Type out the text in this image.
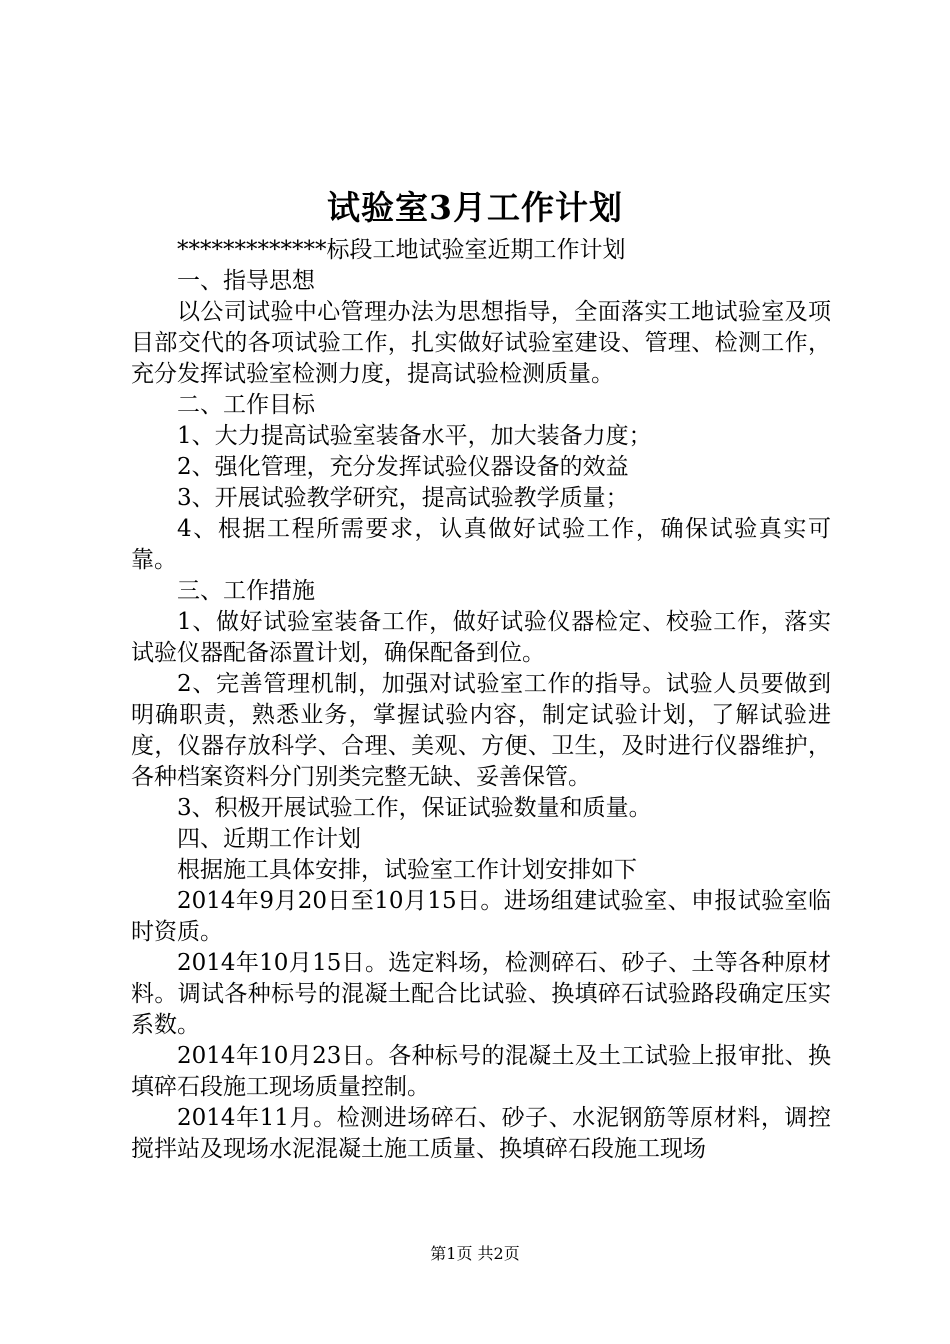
试验室3月工作计划

*************标段工地试验室近期工作计划

一、指导思想

以公司试验中心管理办法为思想指导，全面落实工地试验室及项目部交代的各项试验工作，扎实做好试验室建设、管理、检测工作，充分发挥试验室检测力度，提高试验检测质量。

二、工作目标

1、大力提高试验室装备水平，加大装备力度；

2、强化管理，充分发挥试验仪器设备的效益

3、开展试验教学研究，提高试验教学质量；

4、根据工程所需要求，认真做好试验工作，确保试验真实可靠。

三、工作措施

1、做好试验室装备工作，做好试验仪器检定、校验工作，落实试验仪器配备添置计划，确保配备到位。

2、完善管理机制，加强对试验室工作的指导。试验人员要做到明确职责，熟悉业务，掌握试验内容，制定试验计划，了解试验进度，仪器存放科学、合理、美观、方便、卫生，及时进行仪器维护，各种档案资料分门别类完整无缺、妥善保管。

3、积极开展试验工作，保证试验数量和质量。

四、近期工作计划

根据施工具体安排，试验室工作计划安排如下

2014年9月20日至10月15日。进场组建试验室、申报试验室临时资质。

2014年10月15日。选定料场，检测碎石、砂子、土等各种原材料。调试各种标号的混凝土配合比试验、换填碎石试验路段确定压实系数。

2014年10月23日。各种标号的混凝土及土工试验上报审批、换填碎石段施工现场质量控制。

2014年11月。检测进场碎石、砂子、水泥钢筋等原材料，调控搅拌站及现场水泥混凝土施工质量、换填碎石段施工现场

第1页 共2页
